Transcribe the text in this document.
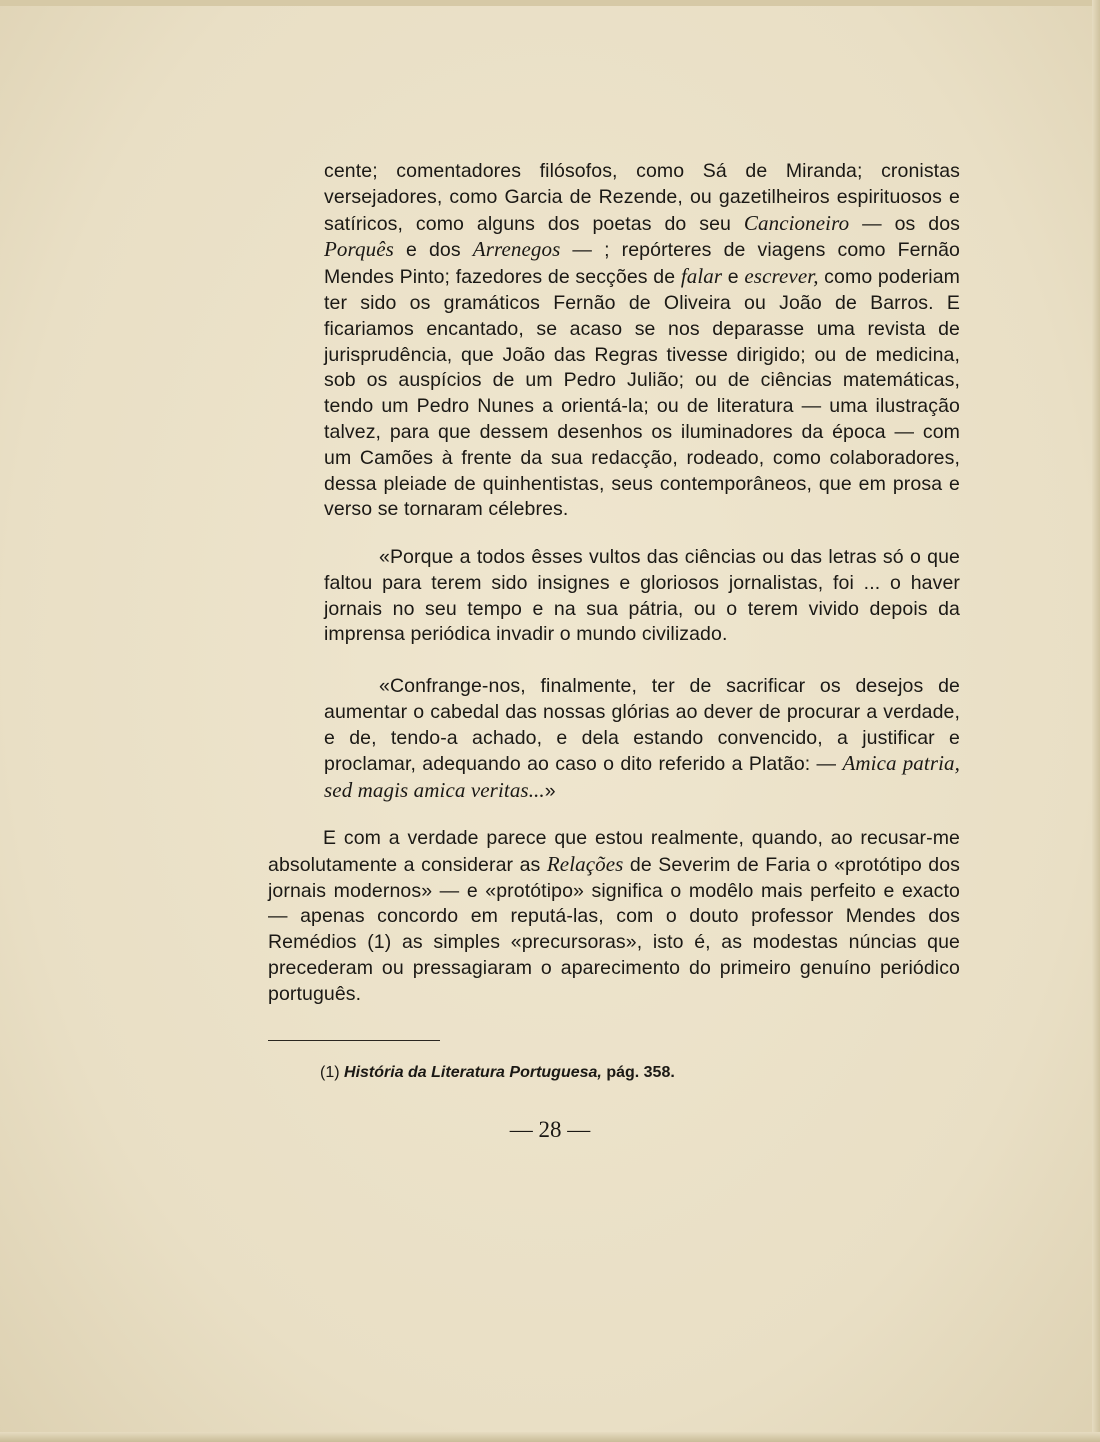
cente; comentadores filósofos, como Sá de Miranda; cronistas versejadores, como Garcia de Rezende, ou gazetilheiros espirituosos e satíricos, como alguns dos poetas do seu Cancioneiro — os dos Porquês e dos Arrenegos — ; repórteres de viagens como Fernão Mendes Pinto; fazedores de secções de falar e escrever, como poderiam ter sido os gramáticos Fernão de Oliveira ou João de Barros. E ficariamos encantado, se acaso se nos deparasse uma revista de jurisprudência, que João das Regras tivesse dirigido; ou de medicina, sob os auspícios de um Pedro Julião; ou de ciências matemáticas, tendo um Pedro Nunes a orientá-la; ou de literatura — uma ilustração talvez, para que dessem desenhos os iluminadores da época — com um Camões à frente da sua redacção, rodeado, como colaboradores, dessa pleiade de quinhentistas, seus contemporâneos, que em prosa e verso se tornaram célebres.

«Porque a todos êsses vultos das ciências ou das letras só o que faltou para terem sido insignes e gloriosos jornalistas, foi ... o haver jornais no seu tempo e na sua pátria, ou o terem vivido depois da imprensa periódica invadir o mundo civilizado.

«Confrange-nos, finalmente, ter de sacrificar os desejos de aumentar o cabedal das nossas glórias ao dever de procurar a verdade, e de, tendo-a achado, e dela estando convencido, a justificar e proclamar, adequando ao caso o dito referido a Platão: — Amica patria, sed magis amica veritas...»

E com a verdade parece que estou realmente, quando, ao recusar-me absolutamente a considerar as Relações de Severim de Faria o «protótipo dos jornais modernos» — e «protótipo» significa o modêlo mais perfeito e exacto — apenas concordo em reputá-las, com o douto professor Mendes dos Remédios (1) as simples «precursoras», isto é, as modestas núncias que precederam ou pressagiaram o aparecimento do primeiro genuíno periódico português.

(1) História da Literatura Portuguesa, pág. 358.

— 28 —
